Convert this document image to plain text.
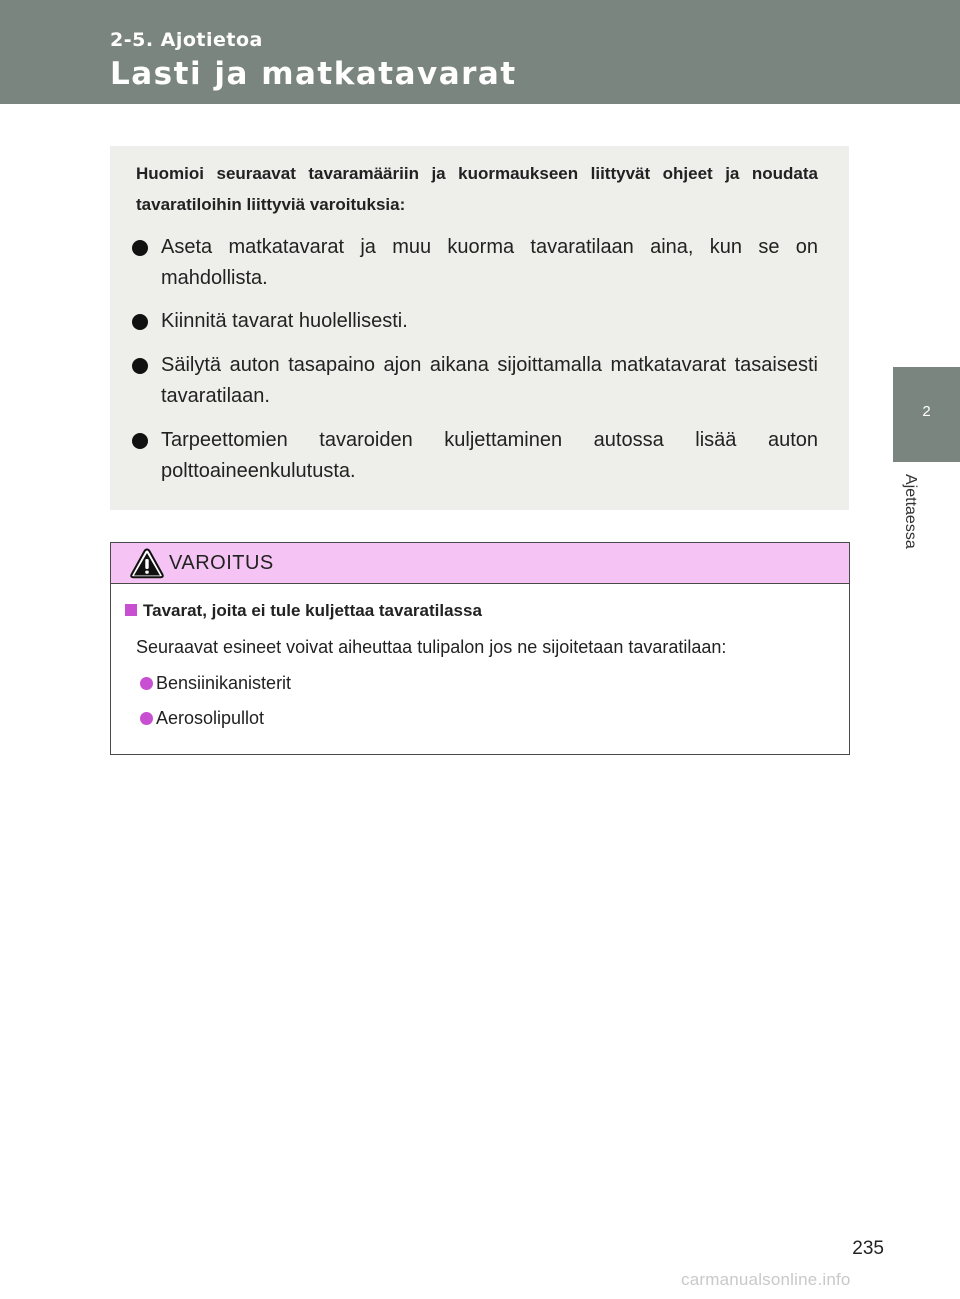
2-5. Ajotietoa
Lasti ja matkatavarat
2
Ajettaessa
Huomioi seuraavat tavaramääriin ja kuormaukseen liittyvät ohjeet ja noudata tavaratiloihin liittyviä varoituksia:
Aseta matkatavarat ja muu kuorma tavaratilaan aina, kun se on mahdollista.
Kiinnitä tavarat huolellisesti.
Säilytä auton tasapaino ajon aikana sijoittamalla matkatavarat tasaisesti tavaratilaan.
Tarpeettomien tavaroiden kuljettaminen autossa lisää auton polttoaineenkulutusta.
VAROITUS
Tavarat, joita ei tule kuljettaa tavaratilassa
Seuraavat esineet voivat aiheuttaa tulipalon jos ne sijoitetaan tavaratilaan:
Bensiinikanisterit
Aerosolipullot
235
carmanualsonline.info
